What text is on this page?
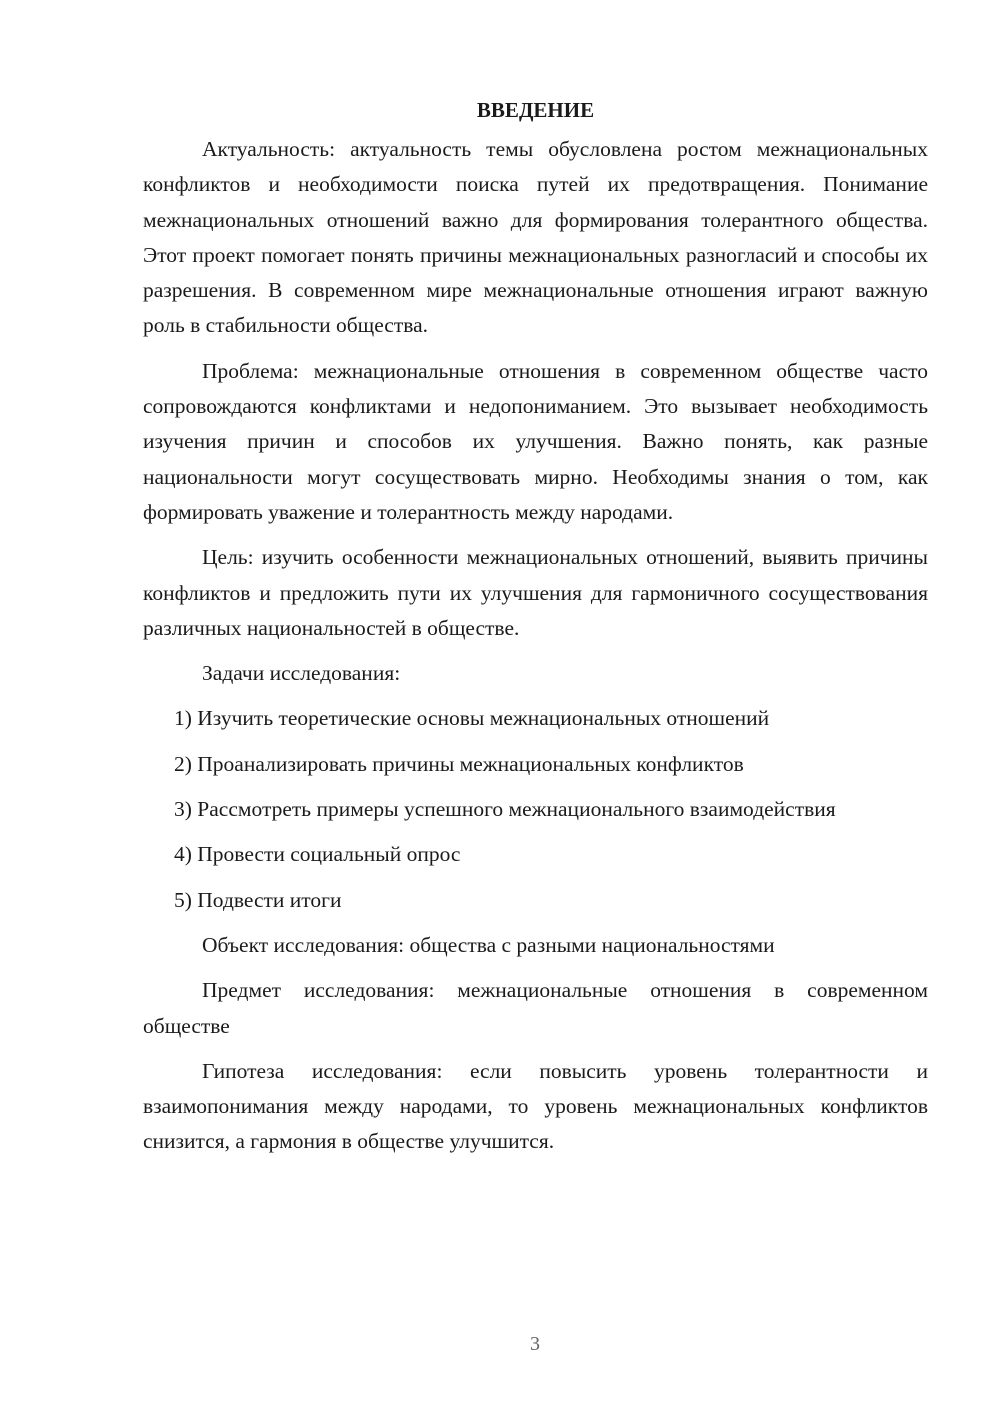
ВВЕДЕНИЕ

Актуальность: актуальность темы обусловлена ростом межнациональных конфликтов и необходимости поиска путей их предотвращения. Понимание межнациональных отношений важно для формирования толерантного общества. Этот проект помогает понять причины межнациональных разногласий и способы их разрешения. В современном мире межнациональные отношения играют важную роль в стабильности общества.

Проблема: межнациональные отношения в современном обществе часто сопровождаются конфликтами и недопониманием. Это вызывает необходимость изучения причин и способов их улучшения. Важно понять, как разные национальности могут сосуществовать мирно. Необходимы знания о том, как формировать уважение и толерантность между народами.

Цель: изучить особенности межнациональных отношений, выявить причины конфликтов и предложить пути их улучшения для гармоничного сосуществования различных национальностей в обществе.

Задачи исследования:

1) Изучить теоретические основы межнациональных отношений

2) Проанализировать причины межнациональных конфликтов

3) Рассмотреть примеры успешного межнационального взаимодействия

4) Провести социальный опрос

5) Подвести итоги

Объект исследования: общества с разными национальностями

Предмет исследования: межнациональные отношения в современном обществе

Гипотеза исследования: если повысить уровень толерантности и взаимопонимания между народами, то уровень межнациональных конфликтов снизится, а гармония в обществе улучшится.

3
